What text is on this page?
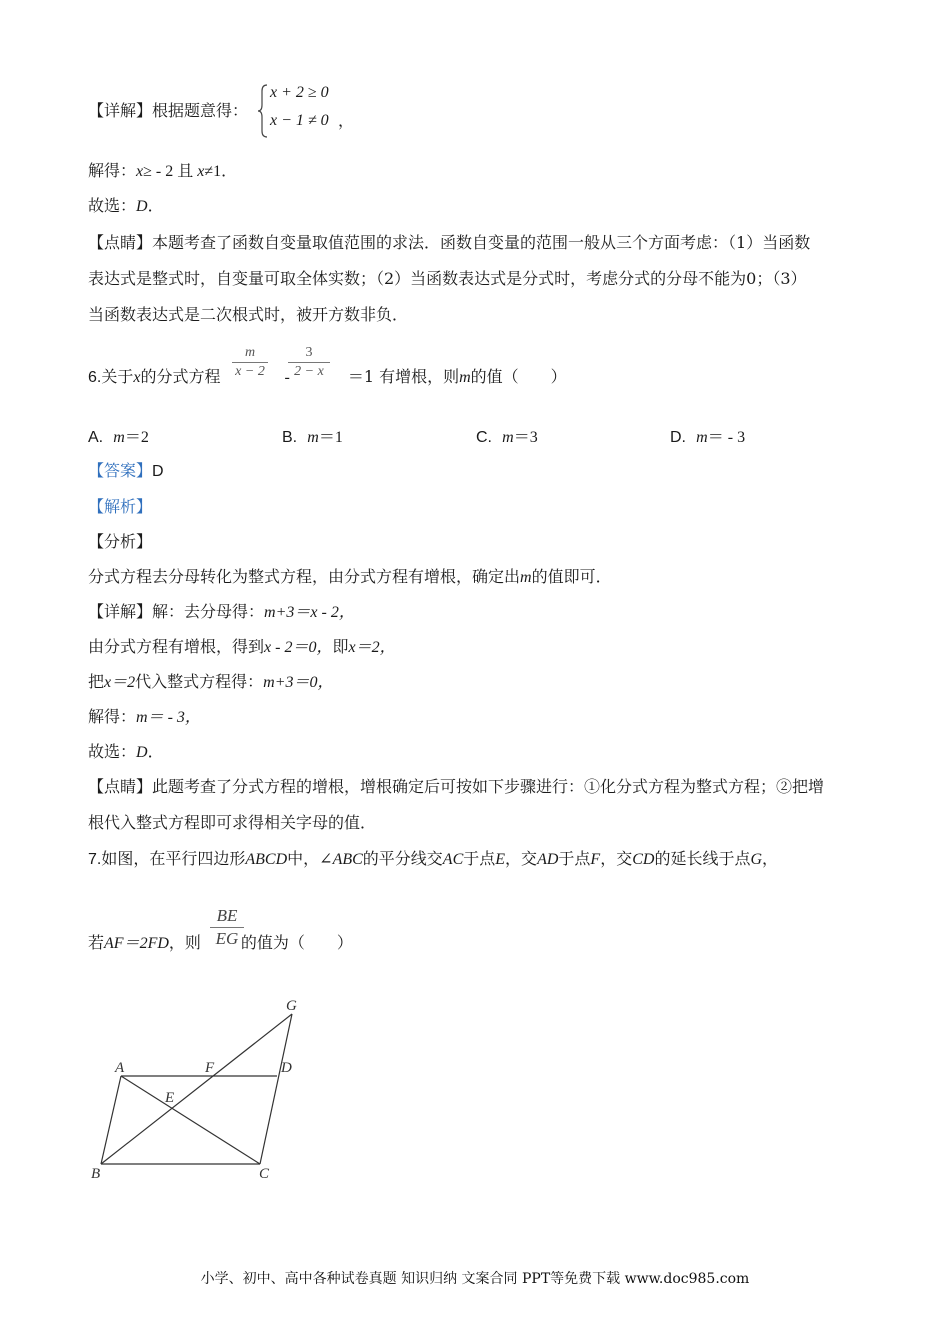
【详解】根据题意得：
x + 2 ≥ 0
x − 1 ≠ 0 ，
解得：x≥ - 2 且 x≠1．
故选：D．
【点睛】本题考查了函数自变量取值范围的求法．函数自变量的范围一般从三个方面考虑：（1）当函数
表达式是整式时，自变量可取全体实数；（2）当函数表达式是分式时，考虑分式的分母不能为0；（3）
当函数表达式是二次根式时，被开方数非负．
6.关于x的分式方程	-	＝1 有增根，则m的值（　　）
m
x − 2
3
2 − x
A. m＝2	B. m＝1	C. m＝3	D. m＝ - 3
【答案】D
【解析】
【分析】
分式方程去分母转化为整式方程，由分式方程有增根，确定出m的值即可．
【详解】解：去分母得：m+3＝x - 2，
由分式方程有增根，得到x - 2＝0，即x＝2，
把x＝2代入整式方程得：m+3＝0，
解得：m＝ - 3，
故选：D．
【点睛】此题考查了分式方程的增根，增根确定后可按如下步骤进行：①化分式方程为整式方程；②把增
根代入整式方程即可求得相关字母的值．
7.如图，在平行四边形ABCD中，∠ABC的平分线交AC于点E，交AD于点F，交CD的延长线于点G，
若AF＝2FD，则	的值为（　　）
BE
EG
A
B	C
D
E
F
G
小学、初中、高中各种试卷真题 知识归纳 文案合同 PPT等免费下载 www.doc985.com
